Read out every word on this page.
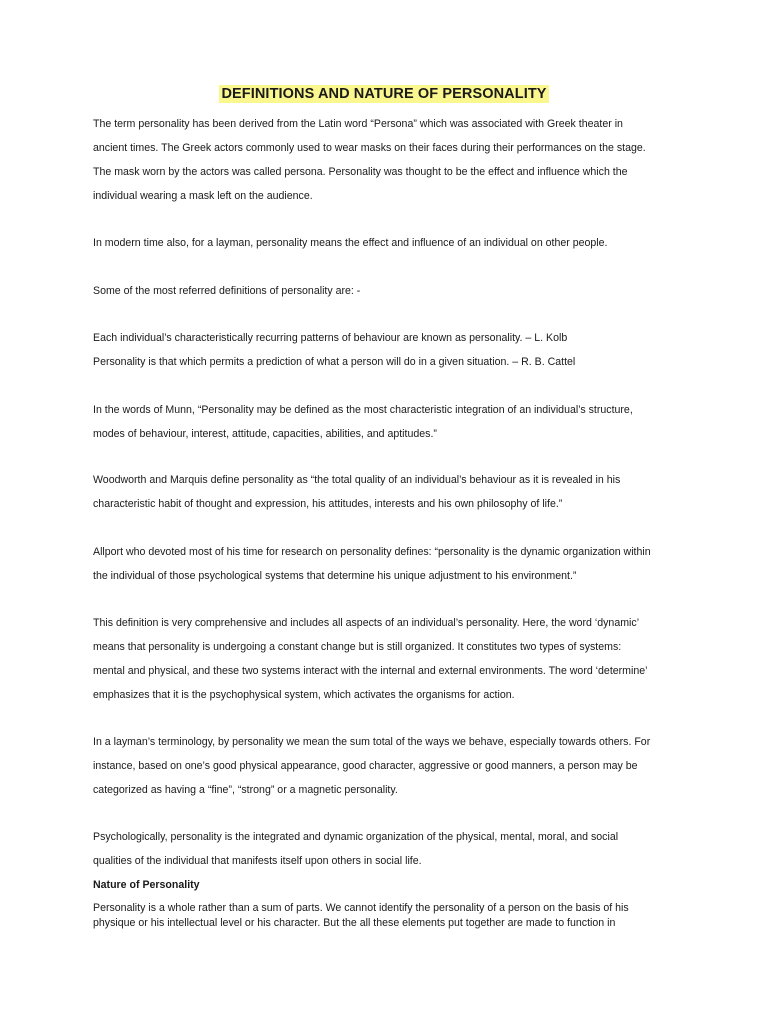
DEFINITIONS AND NATURE OF PERSONALITY
The term personality has been derived from the Latin word “Persona” which was associated with Greek theater in
ancient times. The Greek actors commonly used to wear masks on their faces during their performances on the stage.
The mask worn by the actors was called persona. Personality was thought to be the effect and influence which the
individual wearing a mask left on the audience.
In modern time also, for a layman, personality means the effect and influence of an individual on other people.
Some of the most referred definitions of personality are: -
Each individual’s characteristically recurring patterns of behaviour are known as personality. – L. Kolb
Personality is that which permits a prediction of what a person will do in a given situation. – R. B. Cattel
In the words of Munn, “Personality may be defined as the most characteristic integration of an individual’s structure,
modes of behaviour, interest, attitude, capacities, abilities, and aptitudes.”
Woodworth and Marquis define personality as “the total quality of an individual’s behaviour as it is revealed in his
characteristic habit of thought and expression, his attitudes, interests and his own philosophy of life.”
Allport who devoted most of his time for research on personality defines: “personality is the dynamic organization within
the individual of those psychological systems that determine his unique adjustment to his environment.”
This definition is very comprehensive and includes all aspects of an individual’s personality. Here, the word ‘dynamic’
means that personality is undergoing a constant change but is still organized. It constitutes two types of systems:
mental and physical, and these two systems interact with the internal and external environments. The word ‘determine’
emphasizes that it is the psychophysical system, which activates the organisms for action.
In a layman’s terminology, by personality we mean the sum total of the ways we behave, especially towards others. For
instance, based on one’s good physical appearance, good character, aggressive or good manners, a person may be
categorized as having a “fine”, “strong” or a magnetic personality.
Psychologically, personality is the integrated and dynamic organization of the physical, mental, moral, and social
qualities of the individual that manifests itself upon others in social life.
Nature of Personality
Personality is a whole rather than a sum of parts. We cannot identify the personality of a person on the basis of his
physique or his intellectual level or his character. But the all these elements put together are made to function in
